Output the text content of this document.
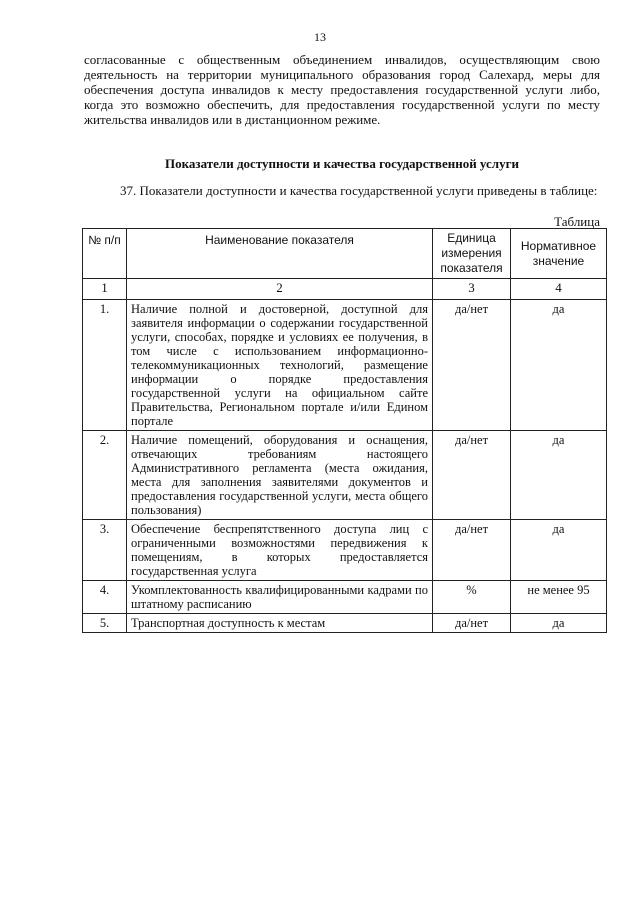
13

согласованные с общественным объединением инвалидов, осуществляющим свою деятельность на территории муниципального образования город Салехард, меры для обеспечения доступа инвалидов к месту предоставления государственной услуги либо, когда это возможно обеспечить, для предоставления государственной услуги по месту жительства инвалидов или в дистанционном режиме.

Показатели доступности и качества государственной услуги

37. Показатели доступности и качества государственной услуги приведены в таблице:

Таблица
№ п/п	Наименование показателя	Единица измерения показателя	Нормативное значение
1	2	3	4
1.	Наличие полной и достоверной, доступной для заявителя информации о содержании государственной услуги, способах, порядке и условиях ее получения, в том числе с использованием информационно-телекоммуникационных технологий, размещение информации о порядке предоставления государственной услуги на официальном сайте Правительства, Региональном портале и/или Едином портале	да/нет	да
2.	Наличие помещений, оборудования и оснащения, отвечающих требованиям настоящего Административного регламента (места ожидания, места для заполнения заявителями документов и предоставления государственной услуги, места общего пользования)	да/нет	да
3.	Обеспечение беспрепятственного доступа лиц с ограниченными возможностями передвижения к помещениям, в которых предоставляется государственная услуга	да/нет	да
4.	Укомплектованность квалифицированными кадрами по штатному расписанию	%	не менее 95
5.	Транспортная доступность к местам	да/нет	да
